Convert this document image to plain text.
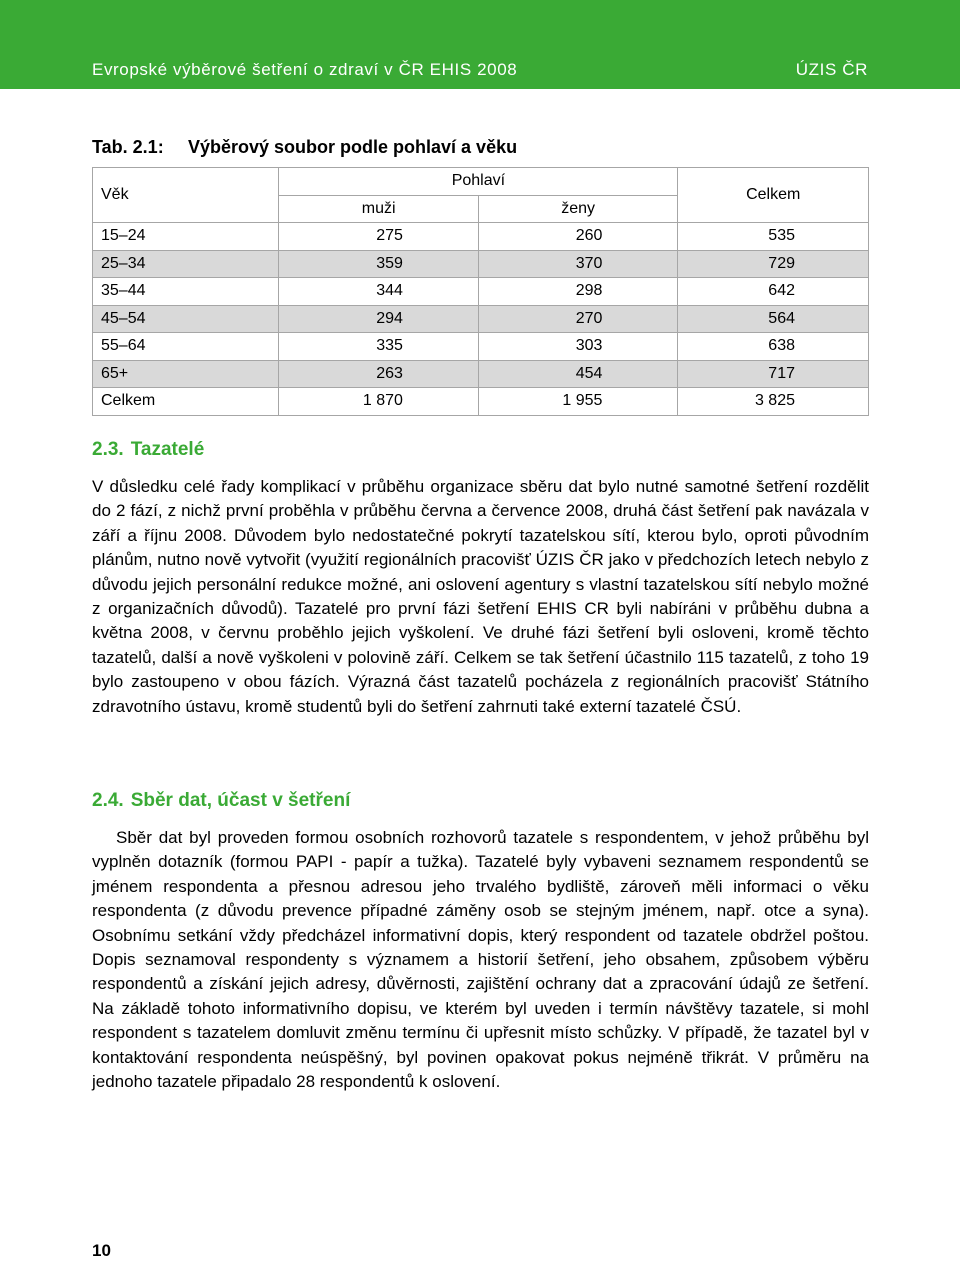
Evropské výběrové šetření o zdraví v ČR EHIS 2008	ÚZIS ČR
Tab. 2.1: Výběrový soubor podle pohlaví a věku
Věk	Pohlaví		Celkem
	muži	ženy	
15–24	275	260	535
25–34	359	370	729
35–44	344	298	642
45–54	294	270	564
55–64	335	303	638
65+	263	454	717
Celkem	1 870	1 955	3 825
2.3. Tazatelé
V důsledku celé řady komplikací v průběhu organizace sběru dat bylo nutné samotné šetření rozdělit do 2 fází, z nichž první proběhla v průběhu června a července 2008, druhá část šetření pak navázala v září a říjnu 2008. Důvodem bylo nedostatečné pokrytí tazatelskou sítí, kterou bylo, oproti původním plánům, nutno nově vytvořit (využití regionálních pracovišť ÚZIS ČR jako v předchozích letech nebylo z důvodu jejich personální redukce možné, ani oslovení agentury s vlastní tazatelskou sítí nebylo možné z organizačních důvodů). Tazatelé pro první fázi šetření EHIS CR byli nabíráni v průběhu dubna a května 2008, v červnu proběhlo jejich vyškolení. Ve druhé fázi šetření byli osloveni, kromě těchto tazatelů, další a nově vyškoleni v polovině září. Celkem se tak šetření účastnilo 115 tazatelů, z toho 19 bylo zastoupeno v obou fázích. Výrazná část tazatelů pocházela z regionálních pracovišť Státního zdravotního ústavu, kromě studentů byli do šetření zahrnuti také externí tazatelé ČSÚ.
2.4. Sběr dat, účast v šetření
Sběr dat byl proveden formou osobních rozhovorů tazatele s respondentem, v jehož průběhu byl vyplněn dotazník (formou PAPI - papír a tužka). Tazatelé byly vybaveni seznamem respondentů se jménem respondenta a přesnou adresou jeho trvalého bydliště, zároveň měli informaci o věku respondenta (z důvodu prevence případné záměny osob se stejným jménem, např. otce a syna). Osobnímu setkání vždy předcházel informativní dopis, který respondent od tazatele obdržel poštou. Dopis seznamoval respondenty s významem a historií šetření, jeho obsahem, způsobem výběru respondentů a získání jejich adresy, důvěrnosti, zajištění ochrany dat a zpracování údajů ze šetření. Na základě tohoto informativního dopisu, ve kterém byl uveden i termín návštěvy tazatele, si mohl respondent s tazatelem domluvit změnu termínu či upřesnit místo schůzky. V případě, že tazatel byl v kontaktování respondenta neúspěšný, byl povinen opakovat pokus nejméně třikrát. V průměru na jednoho tazatele připadalo 28 respondentů k oslovení.
10
